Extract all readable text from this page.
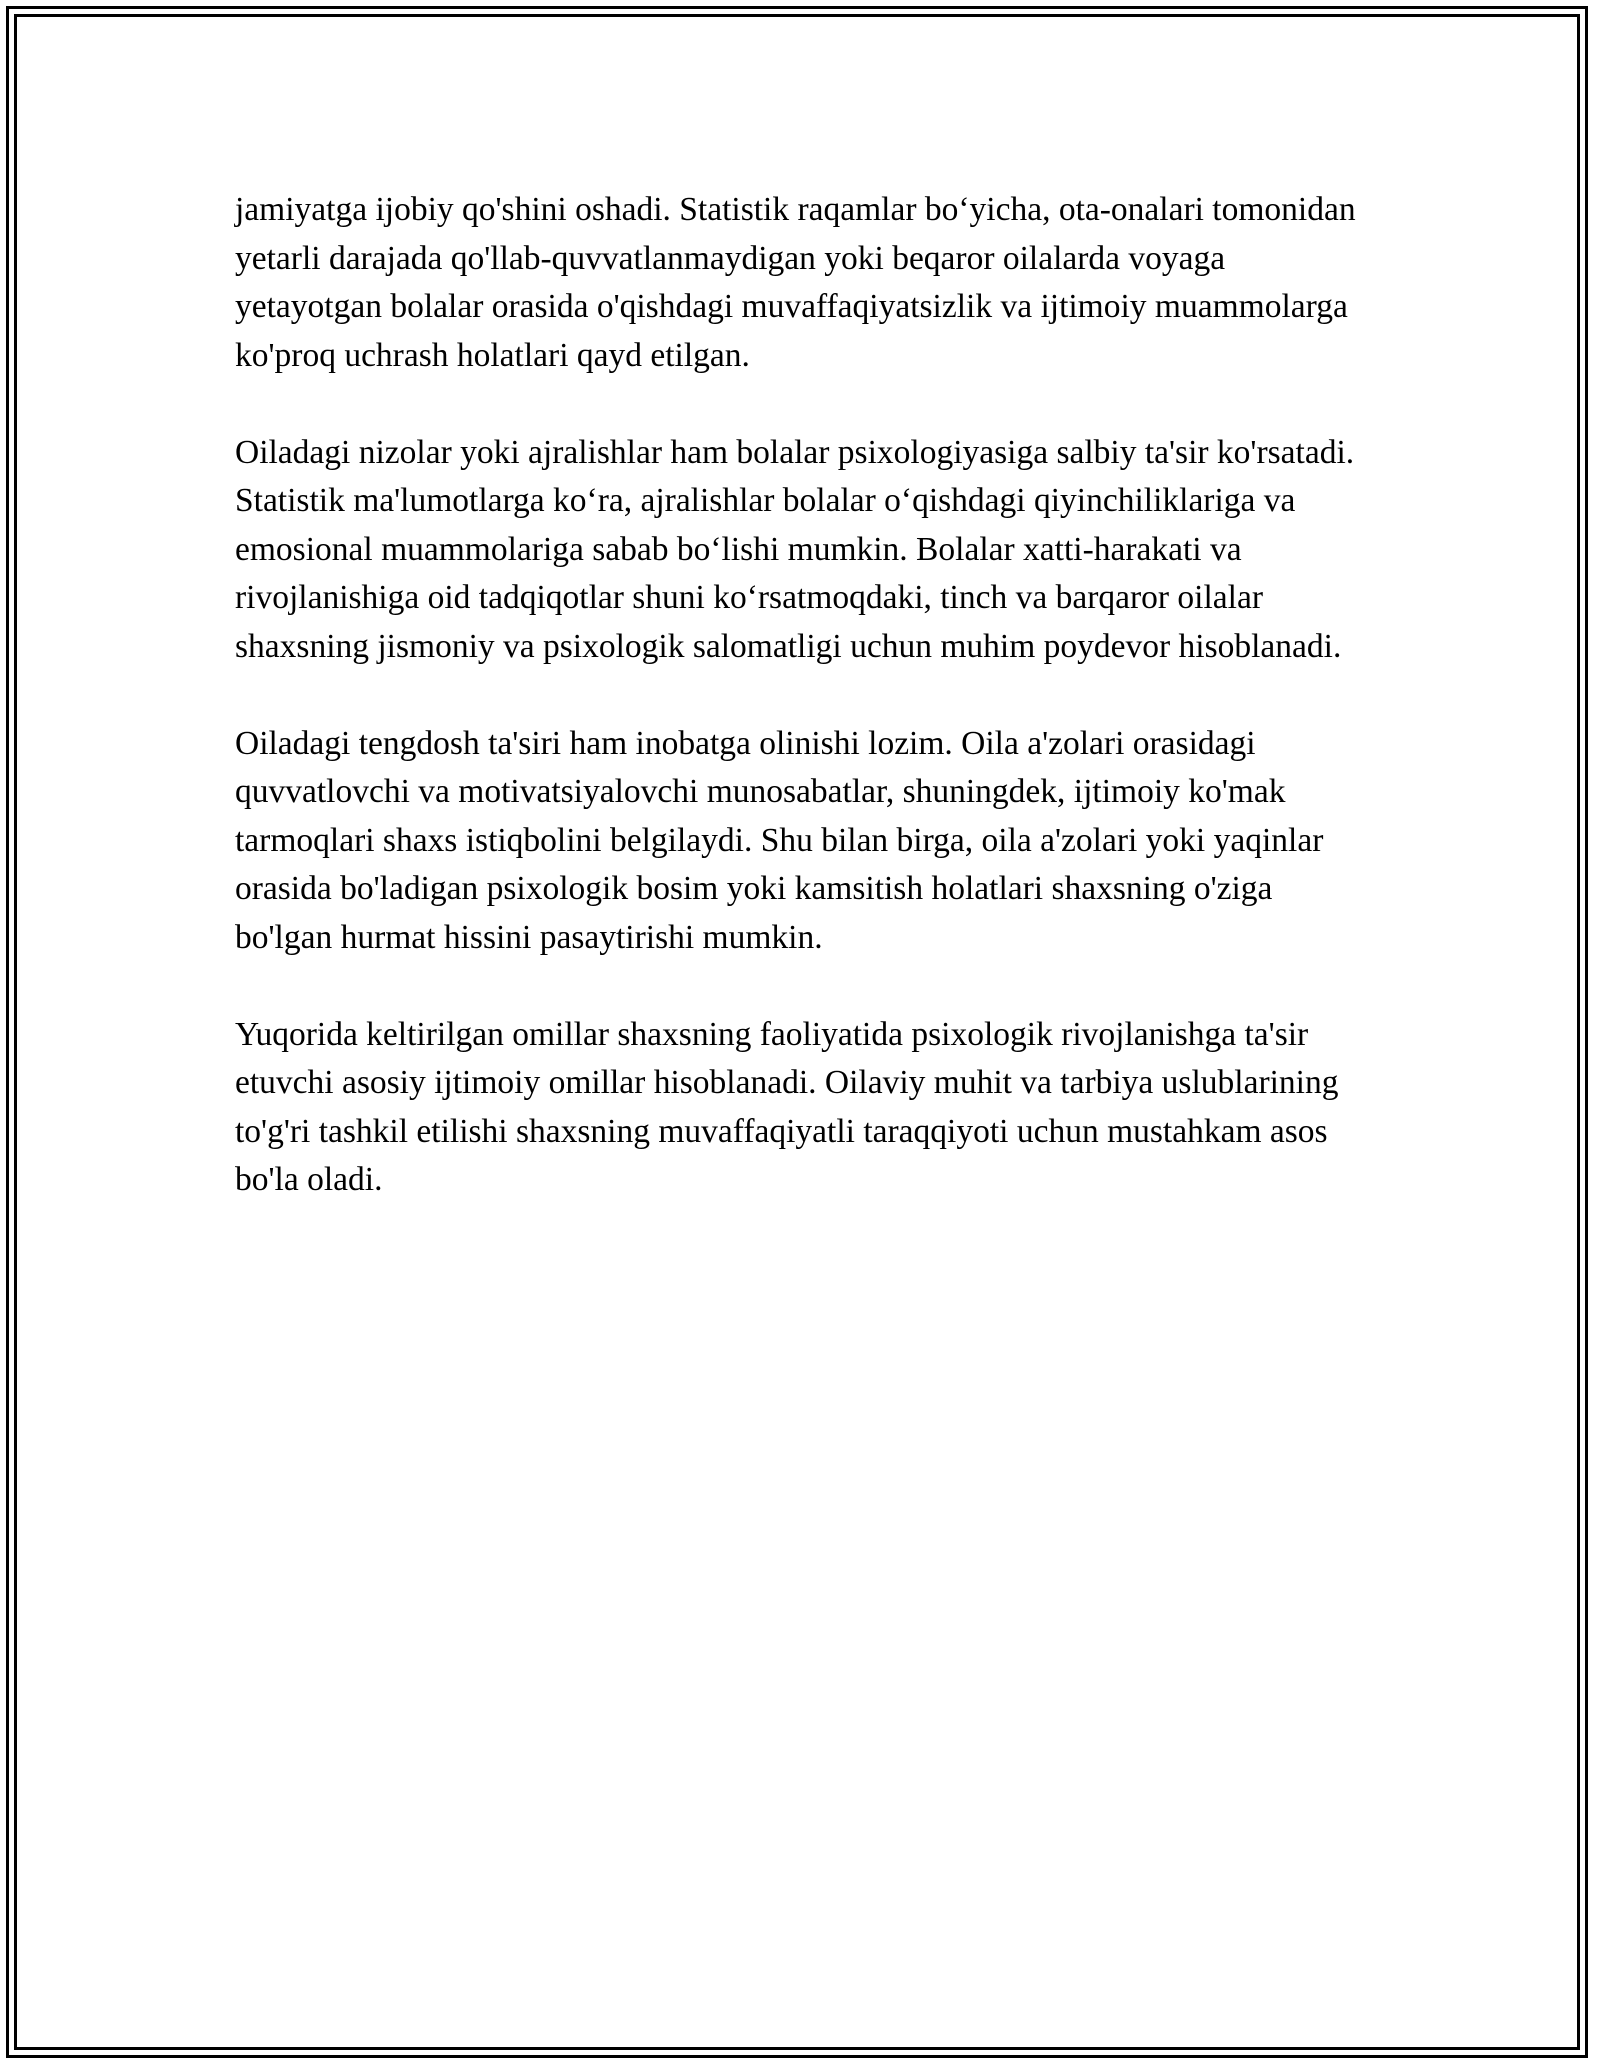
jamiyatga ijobiy qo'shini oshadi. Statistik raqamlar bo‘yicha, ota-onalari tomonidan yetarli darajada qo'llab-quvvatlanmaydigan yoki beqaror oilalarda voyaga yetayotgan bolalar orasida o'qishdagi muvaffaqiyatsizlik va ijtimoiy muammolarga ko'proq uchrash holatlari qayd etilgan.

Oiladagi nizolar yoki ajralishlar ham bolalar psixologiyasiga salbiy ta'sir ko'rsatadi. Statistik ma'lumotlarga ko‘ra, ajralishlar bolalar o‘qishdagi qiyinchiliklariga va emosional muammolariga sabab bo‘lishi mumkin. Bolalar xatti-harakati va rivojlanishiga oid tadqiqotlar shuni ko‘rsatmoqdaki, tinch va barqaror oilalar shaxsning jismoniy va psixologik salomatligi uchun muhim poydevor hisoblanadi.

Oiladagi tengdosh ta'siri ham inobatga olinishi lozim. Oila a'zolari orasidagi quvvatlovchi va motivatsiyalovchi munosabatlar, shuningdek, ijtimoiy ko'mak tarmoqlari shaxs istiqbolini belgilaydi. Shu bilan birga, oila a'zolari yoki yaqinlar orasida bo'ladigan psixologik bosim yoki kamsitish holatlari shaxsning o'ziga bo'lgan hurmat hissini pasaytirishi mumkin.

Yuqorida keltirilgan omillar shaxsning faoliyatida psixologik rivojlanishga ta'sir etuvchi asosiy ijtimoiy omillar hisoblanadi. Oilaviy muhit va tarbiya uslublarining to'g'ri tashkil etilishi shaxsning muvaffaqiyatli taraqqiyoti uchun mustahkam asos bo'la oladi.
